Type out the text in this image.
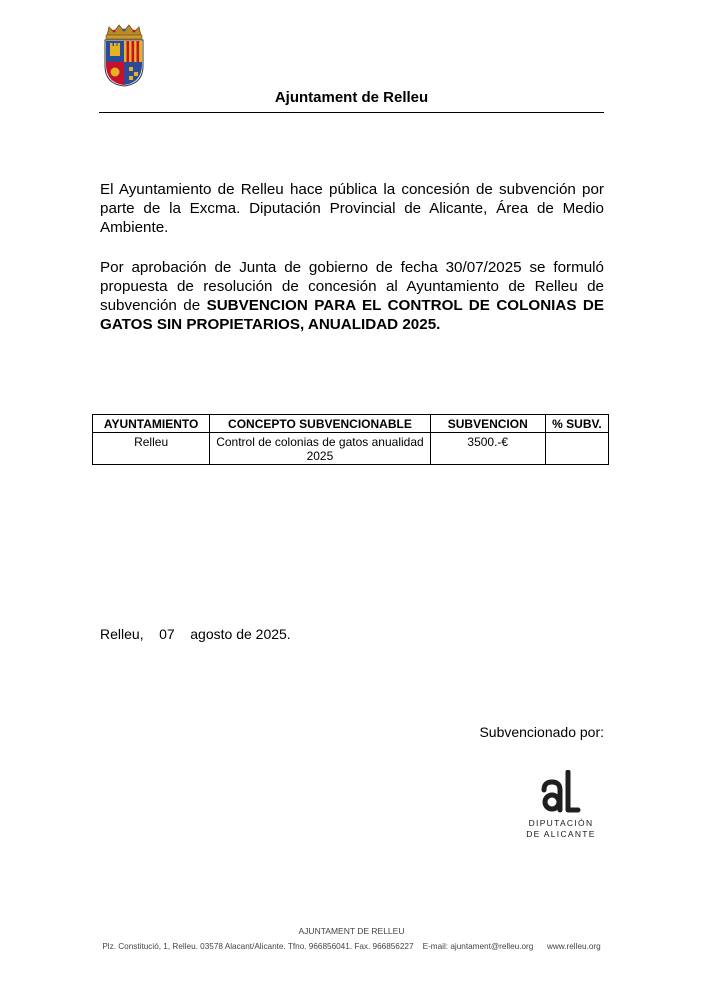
Ajuntament de Relleu

El Ayuntamiento de Relleu hace pública la concesión de subvención por parte de la Excma. Diputación Provincial de Alicante, Área de Medio Ambiente.

Por aprobación de Junta de gobierno de fecha 30/07/2025 se formuló propuesta de resolución de concesión al Ayuntamiento de Relleu de subvención de SUBVENCION PARA EL CONTROL DE COLONIAS DE GATOS SIN PROPIETARIOS, ANUALIDAD 2025.

AYUNTAMIENTO	CONCEPTO SUBVENCIONABLE	SUBVENCION	% SUBV.
Relleu	Control de colonias de gatos anualidad 2025	3500.-€	
Relleu,    07    agosto de 2025.
Subvencionado por:
DIPUTACIÓN
DE ALICANTE
AJUNTAMENT DE RELLEU
Plz. Constitució, 1, Relleu. 03578 Alacant/Alicante. Tfno. 966856041. Fax. 966856227    E-mail: ajuntament@relleu.org      www.relleu.org
